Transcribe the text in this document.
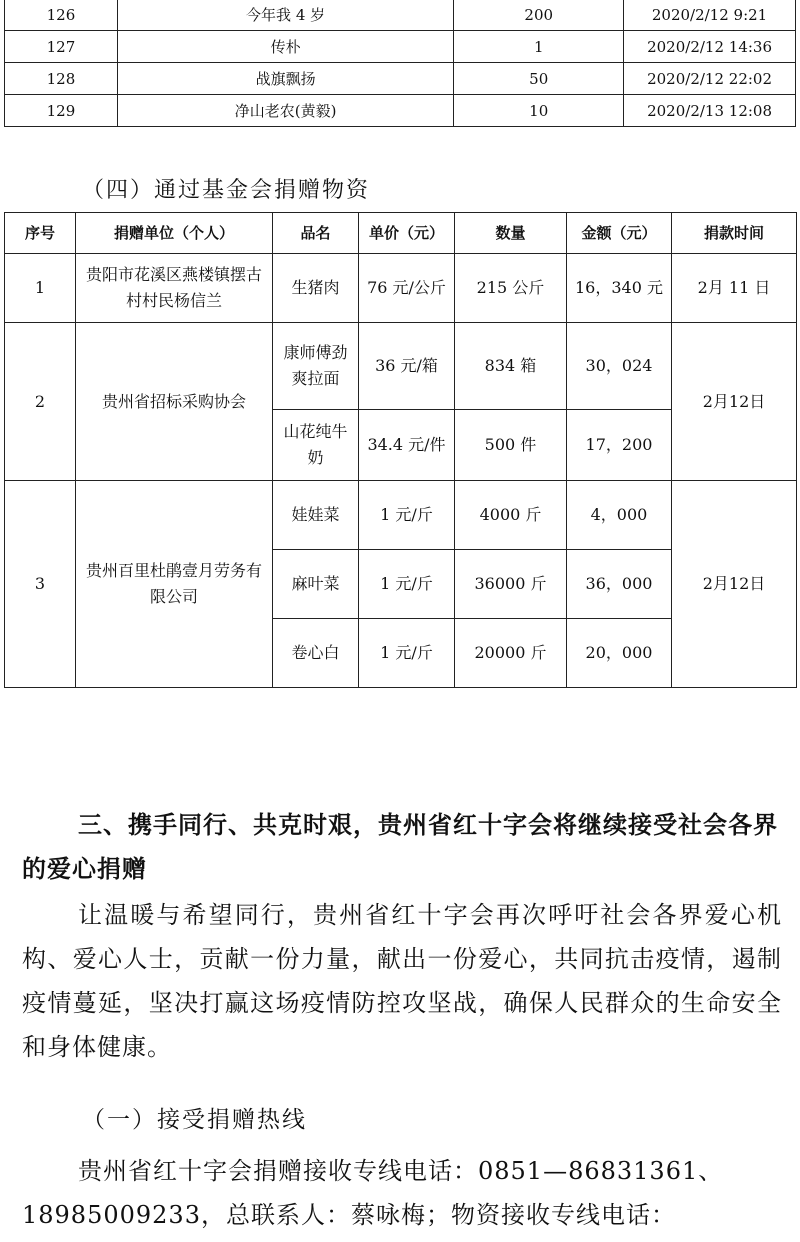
126	今年我 4 岁	200	2020/2/12 9:21
127	传朴	1	2020/2/12 14:36
128	战旗飘扬	50	2020/2/12 22:02
129	净山老农(黄毅)	10	2020/2/13 12:08
（四）通过基金会捐赠物资
序号	捐赠单位（个人）	品名	单价（元）	数量	金额（元）	捐款时间
1	贵阳市花溪区燕楼镇摆古村村民杨信兰	生猪肉	76 元/公斤	215 公斤	16，340 元	2月 11 日
2	贵州省招标采购协会	康师傅劲爽拉面	36 元/箱	834 箱	30，024	2月12日
		山花纯牛奶	34.4 元/件	500 件	17，200	
3	贵州百里杜鹃壹月劳务有限公司	娃娃菜	1 元/斤	4000 斤	4，000	2月12日
		麻叶菜	1 元/斤	36000 斤	36，000	
		卷心白	1 元/斤	20000 斤	20，000	
三、携手同行、共克时艰，贵州省红十字会将继续接受社会各界的爱心捐赠
让温暖与希望同行，贵州省红十字会再次呼吁社会各界爱心机构、爱心人士，贡献一份力量，献出一份爱心，共同抗击疫情，遏制疫情蔓延，坚决打赢这场疫情防控攻坚战，确保人民群众的生命安全和身体健康。
（一）接受捐赠热线
贵州省红十字会捐赠接收专线电话：0851—86831361、18985009233，总联系人：蔡咏梅；物资接收专线电话：
